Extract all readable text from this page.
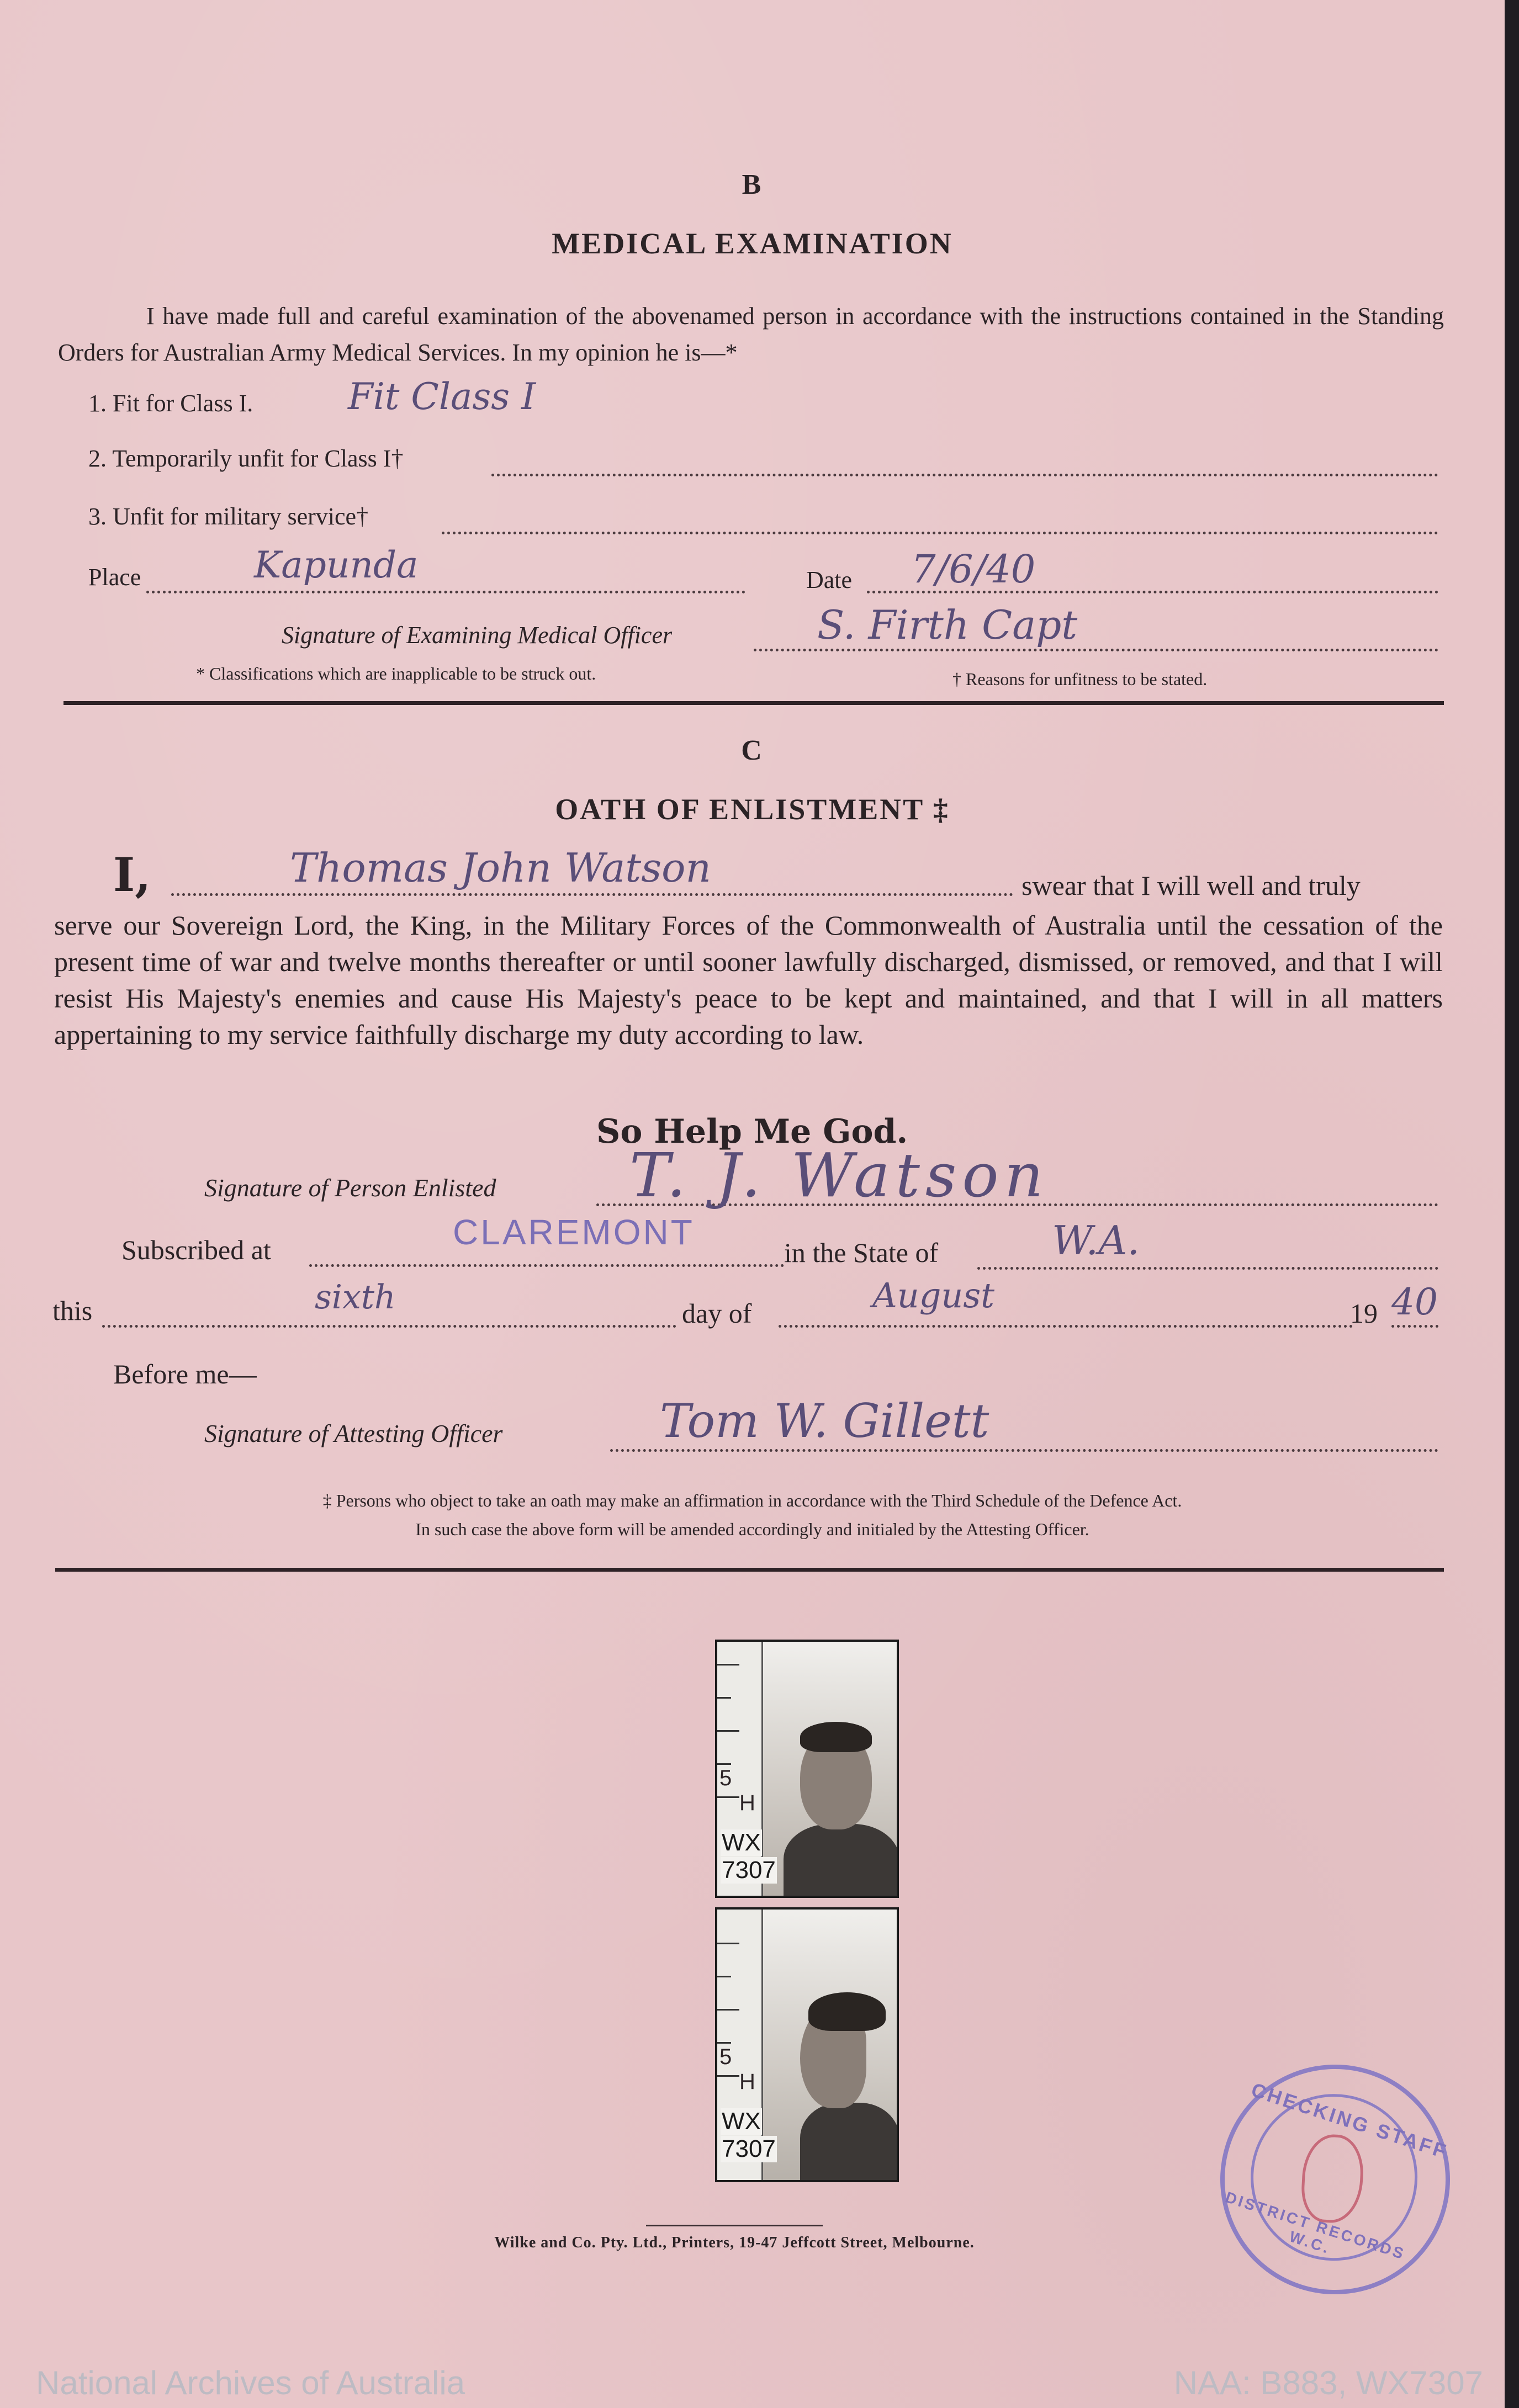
B
MEDICAL EXAMINATION
I have made full and careful examination of the abovenamed person in accordance with the instructions contained in the Standing Orders for Australian Army Medical Services. In my opinion he is—*
1. Fit for Class I.	Fit Class I
2. Temporarily unfit for Class I†
3. Unfit for military service†
Place	Kapunda	Date 7/6/40
Signature of Examining Medical Officer	S. Firth Capt
* Classifications which are inapplicable to be struck out.	† Reasons for unfitness to be stated.
C
OATH OF ENLISTMENT ‡
I,	Thomas John Watson	swear that I will well and truly
serve our Sovereign Lord, the King, in the Military Forces of the Commonwealth of Australia until the cessation of the present time of war and twelve months thereafter or until sooner lawfully discharged, dismissed, or removed, and that I will resist His Majesty's enemies and cause His Majesty's peace to be kept and maintained, and that I will in all matters appertaining to my service faithfully discharge my duty according to law.
So Help Me God.
Signature of Person Enlisted T. J. Watson
Subscribed at	CLAREMONT
in the State of	W.A.
this	sixth	day of	August	19 40
Before me—
Signature of Attesting Officer	Tom W. Gillett
‡ Persons who object to take an oath may make an affirmation in accordance with the Third Schedule of the Defence Act.
In such case the above form will be amended accordingly and initialed by the Attesting Officer.
5
H
WX
7307
5
H
WX
7307
Wilke and Co. Pty. Ltd., Printers, 19-47 Jeffcott Street, Melbourne.
CHECKING STAFF
DISTRICT RECORDS W.C.
National Archives of Australia	NAA: B883, WX7307
